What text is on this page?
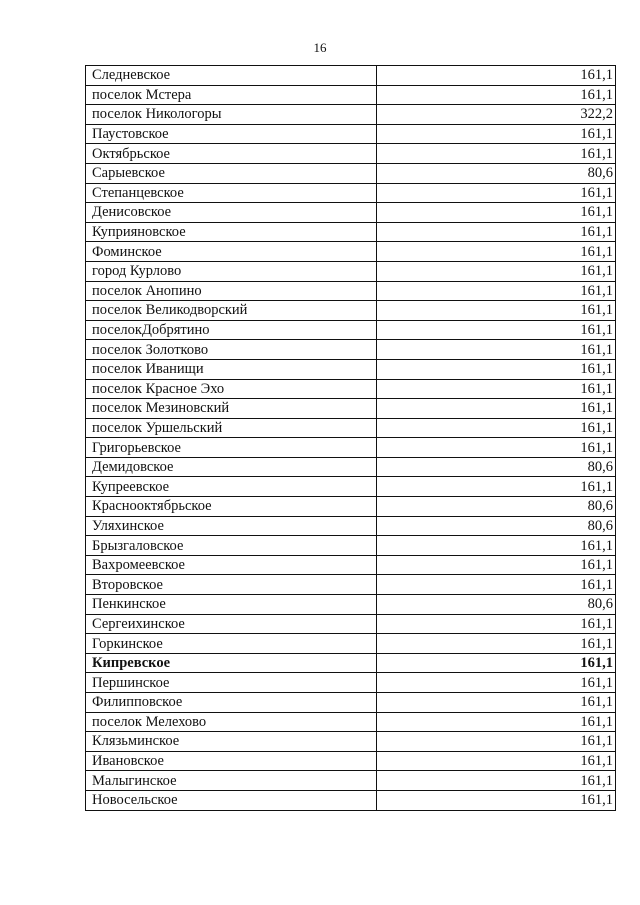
16
Следневское	161,1
поселок Мстера	161,1
поселок Никологоры	322,2
Паустовское	161,1
Октябрьское	161,1
Сарыевское	80,6
Степанцевское	161,1
Денисовское	161,1
Куприяновское	161,1
Фоминское	161,1
город Курлово	161,1
поселок Анопино	161,1
поселок Великодворский	161,1
поселокДобрятино	161,1
поселок Золотково	161,1
поселок Иванищи	161,1
поселок Красное Эхо	161,1
поселок Мезиновский	161,1
поселок Уршельский	161,1
Григорьевское	161,1
Демидовское	80,6
Купреевское	161,1
Краснооктябрьское	80,6
Уляхинское	80,6
Брызгаловское	161,1
Вахромеевское	161,1
Второвское	161,1
Пенкинское	80,6
Сергеихинское	161,1
Горкинское	161,1
Кипревское	161,1
Першинское	161,1
Филипповское	161,1
поселок Мелехово	161,1
Клязьминское	161,1
Ивановское	161,1
Малыгинское	161,1
Новосельское	161,1
